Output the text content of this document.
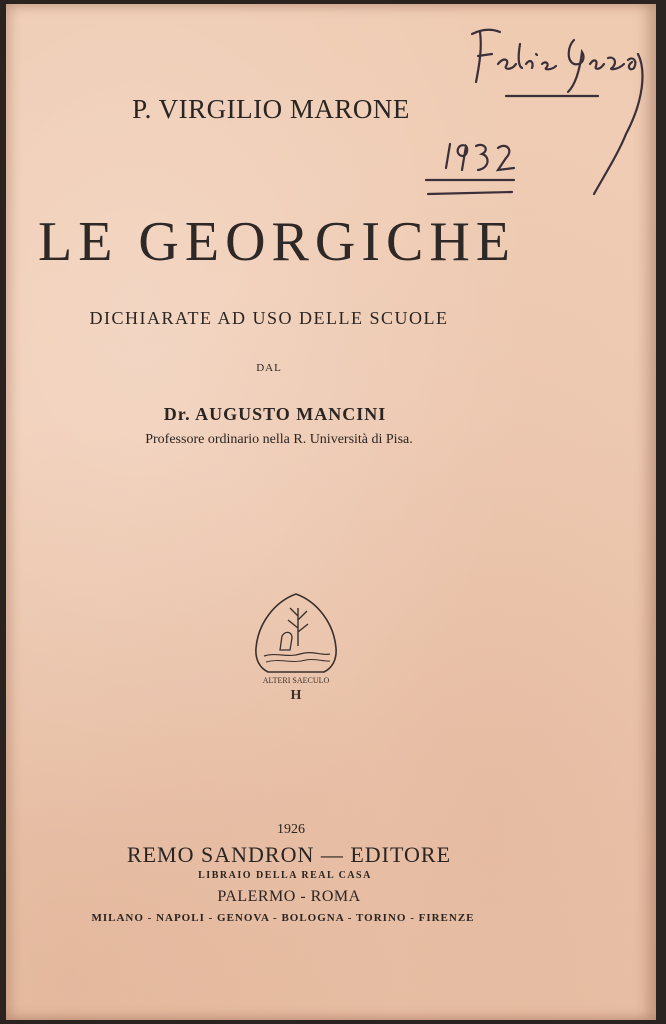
P. VIRGILIO MARONE
LE GEORGICHE
DICHIARATE AD USO DELLE SCUOLE
DAL
Dr. AUGUSTO MANCINI
Professore ordinario nella R. Università di Pisa.
ALTERI SAECULO
H
1926
REMO SANDRON — EDITORE
LIBRAIO DELLA REAL CASA
PALERMO - ROMA
MILANO - NAPOLI - GENOVA - BOLOGNA - TORINO - FIRENZE
